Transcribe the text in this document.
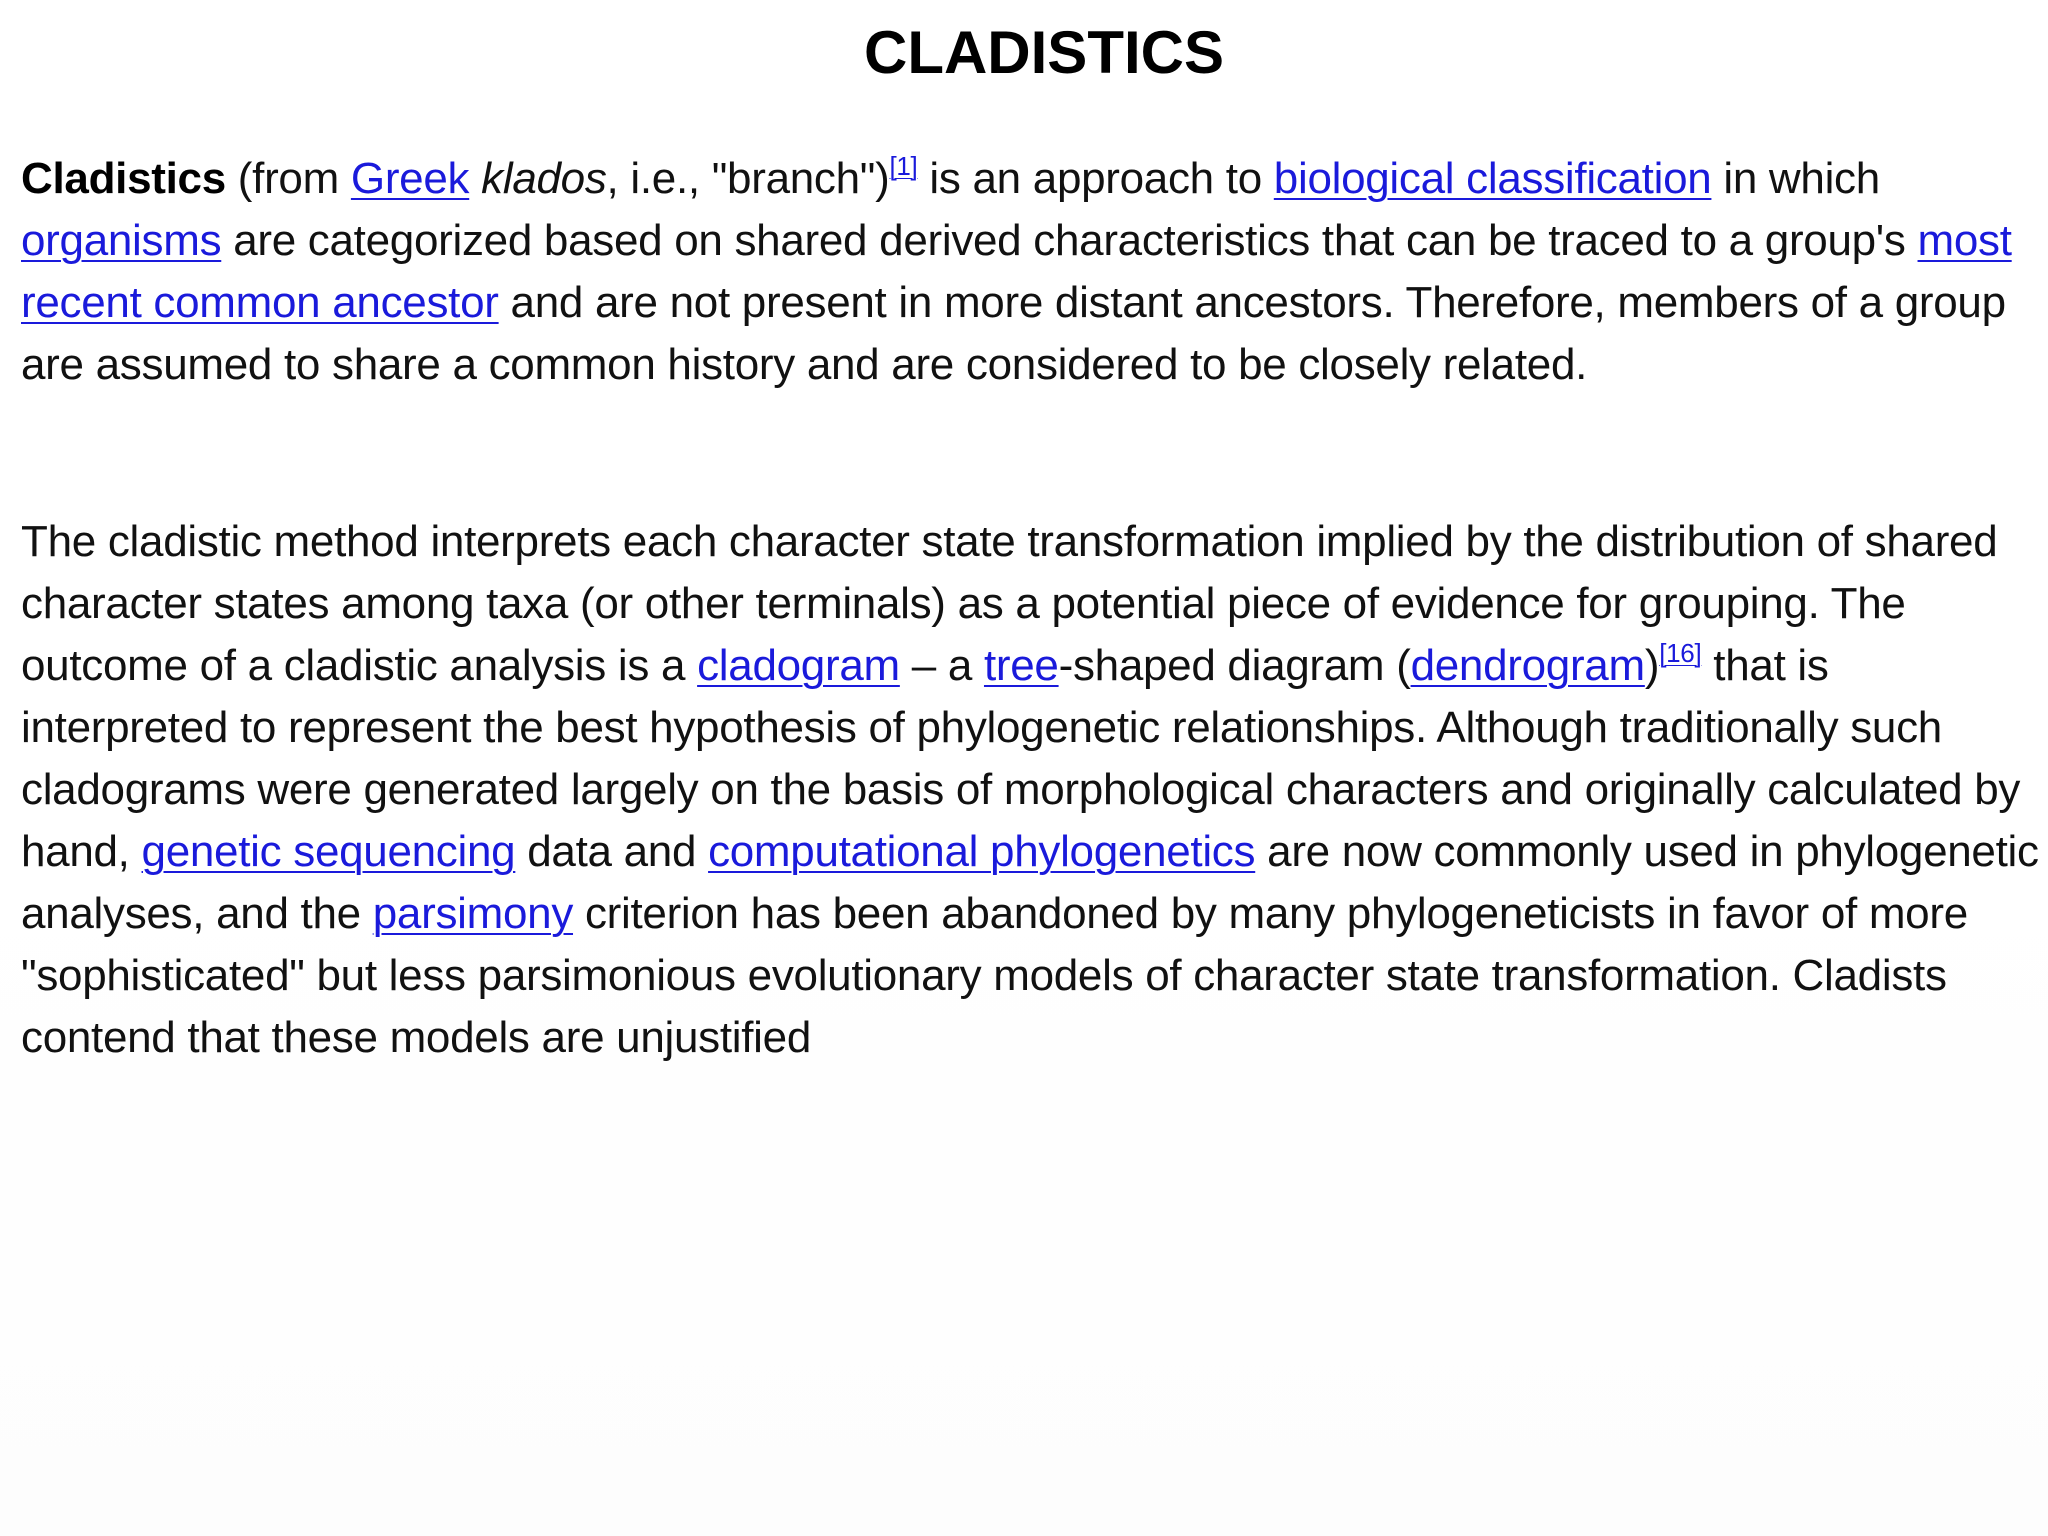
CLADISTICS

Cladistics (from Greek klados, i.e., "branch")[1] is an approach to biological classification in which organisms are categorized based on shared derived characteristics that can be traced to a group's most recent common ancestor and are not present in more distant ancestors. Therefore, members of a group are assumed to share a common history and are considered to be closely related.

The cladistic method interprets each character state transformation implied by the distribution of shared character states among taxa (or other terminals) as a potential piece of evidence for grouping. The outcome of a cladistic analysis is a cladogram – a tree-shaped diagram (dendrogram)[16] that is interpreted to represent the best hypothesis of phylogenetic relationships. Although traditionally such cladograms were generated largely on the basis of morphological characters and originally calculated by hand, genetic sequencing data and computational phylogenetics are now commonly used in phylogenetic analyses, and the parsimony criterion has been abandoned by many phylogeneticists in favor of more "sophisticated" but less parsimonious evolutionary models of character state transformation. Cladists contend that these models are unjustified
